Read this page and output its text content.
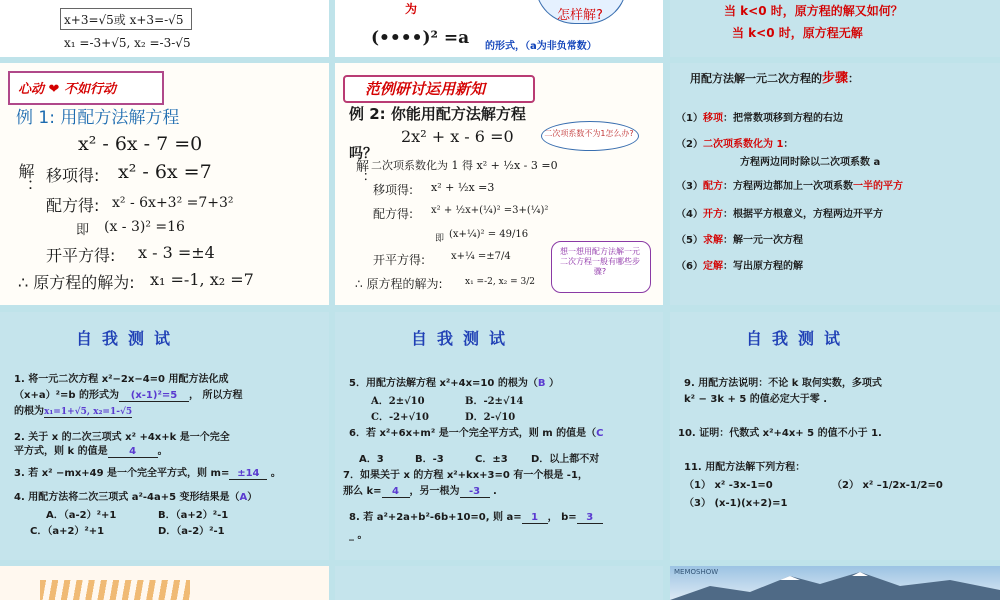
x+3=√5或 x+3=-√5
x₁ =-3+√5, x₂ =-3-√5
为
(••••)² =a 的形式，（a为非负常数）
怎样解?	当 k<0 时，原方程的解又如何？
当 k<0 时，原方程无解
心动 ❤ 不如行动
例 1: 用配方法解方程
x² - 6x - 7 =0
解： 移项得: x² - 6x =7
配方得: x² - 6x+3² =7+3²
即 (x - 3)² =16
开平方得: x - 3 =±4
∴ 原方程的解为: x₁ =-1, x₂ =7
范例研讨运用新知
例 2: 你能用配方法解方程
2x² + x - 6 =0
吗？
二次项系数不为1怎么办?
解： 二次项系数化为 1 得 x² + ½x - 3 =0
移项得: x² + ½x =3
配方得: x² + ½x+(¼)² =3+(¼)²
即 (x+¼)² = 49/16
开平方得:	x+¼ =±7/4
∴ 原方程的解为:	x₁ =-2, x₂ = 3/2
想一想用配方法解一元二次方程一般有哪些步骤?
用配方法解一元二次方程的步骤：
（1）移项：把常数项移到方程的右边
（2）二次项系数化为 1：
方程两边同时除以二次项系数 a
（3）配方：方程两边都加上一次项系数一半的平方
（4）开方：根据平方根意义，方程两边开平方
（5）求解：解一元一次方程
（6）定解：写出原方程的解
自我测试
1. 将一元二次方程 x²−2x−4=0 用配方法化成
（x+a）²=b 的形式为 (x-1)²=5 ， 所以方程
的根为x₁=1+√5, x₂=1-√5
2. 关于 x 的二次三项式 x² +4x+k 是一个完全
平方式，则 k 的值是 4 。
3. 若 x² −mx+49 是一个完全平方式，则 m= ±14 。
4. 用配方法将二次三项式 a²-4a+5 变形结果是（A）
A．（a-2）²+1	B．（a+2）²-1
C．（a+2）²+1	D．（a-2）²-1
自我测试
5．用配方法解方程 x²+4x=10 的根为（B ）
A．2±√10	B．-2±√14
C．-2+√10	D．2-√10
6．若 x²+6x+m² 是一个完全平方式，则 m 的值是（C
A．3	B．-3	C．±3 D．以上都不对
7．如果关于 x 的方程 x²+kx+3=0 有一个根是 -1，
那么 k= 4 ，另一根为 -3 .
8. 若 a²+2a+b²-6b+10=0, 则 a= 1 ， b= 3
_ 。
自我测试
9. 用配方法说明：不论 k 取何实数，多项式
k² − 3k + 5 的值必定大于零 .
10. 证明：代数式 x²+4x+ 5 的值不小于 1.
11. 用配方法解下列方程：
（1） x² -3x-1=0	（2） x² –1/2x-1/2=0
（3） (x-1)(x+2)=1
MEMOSHOW
